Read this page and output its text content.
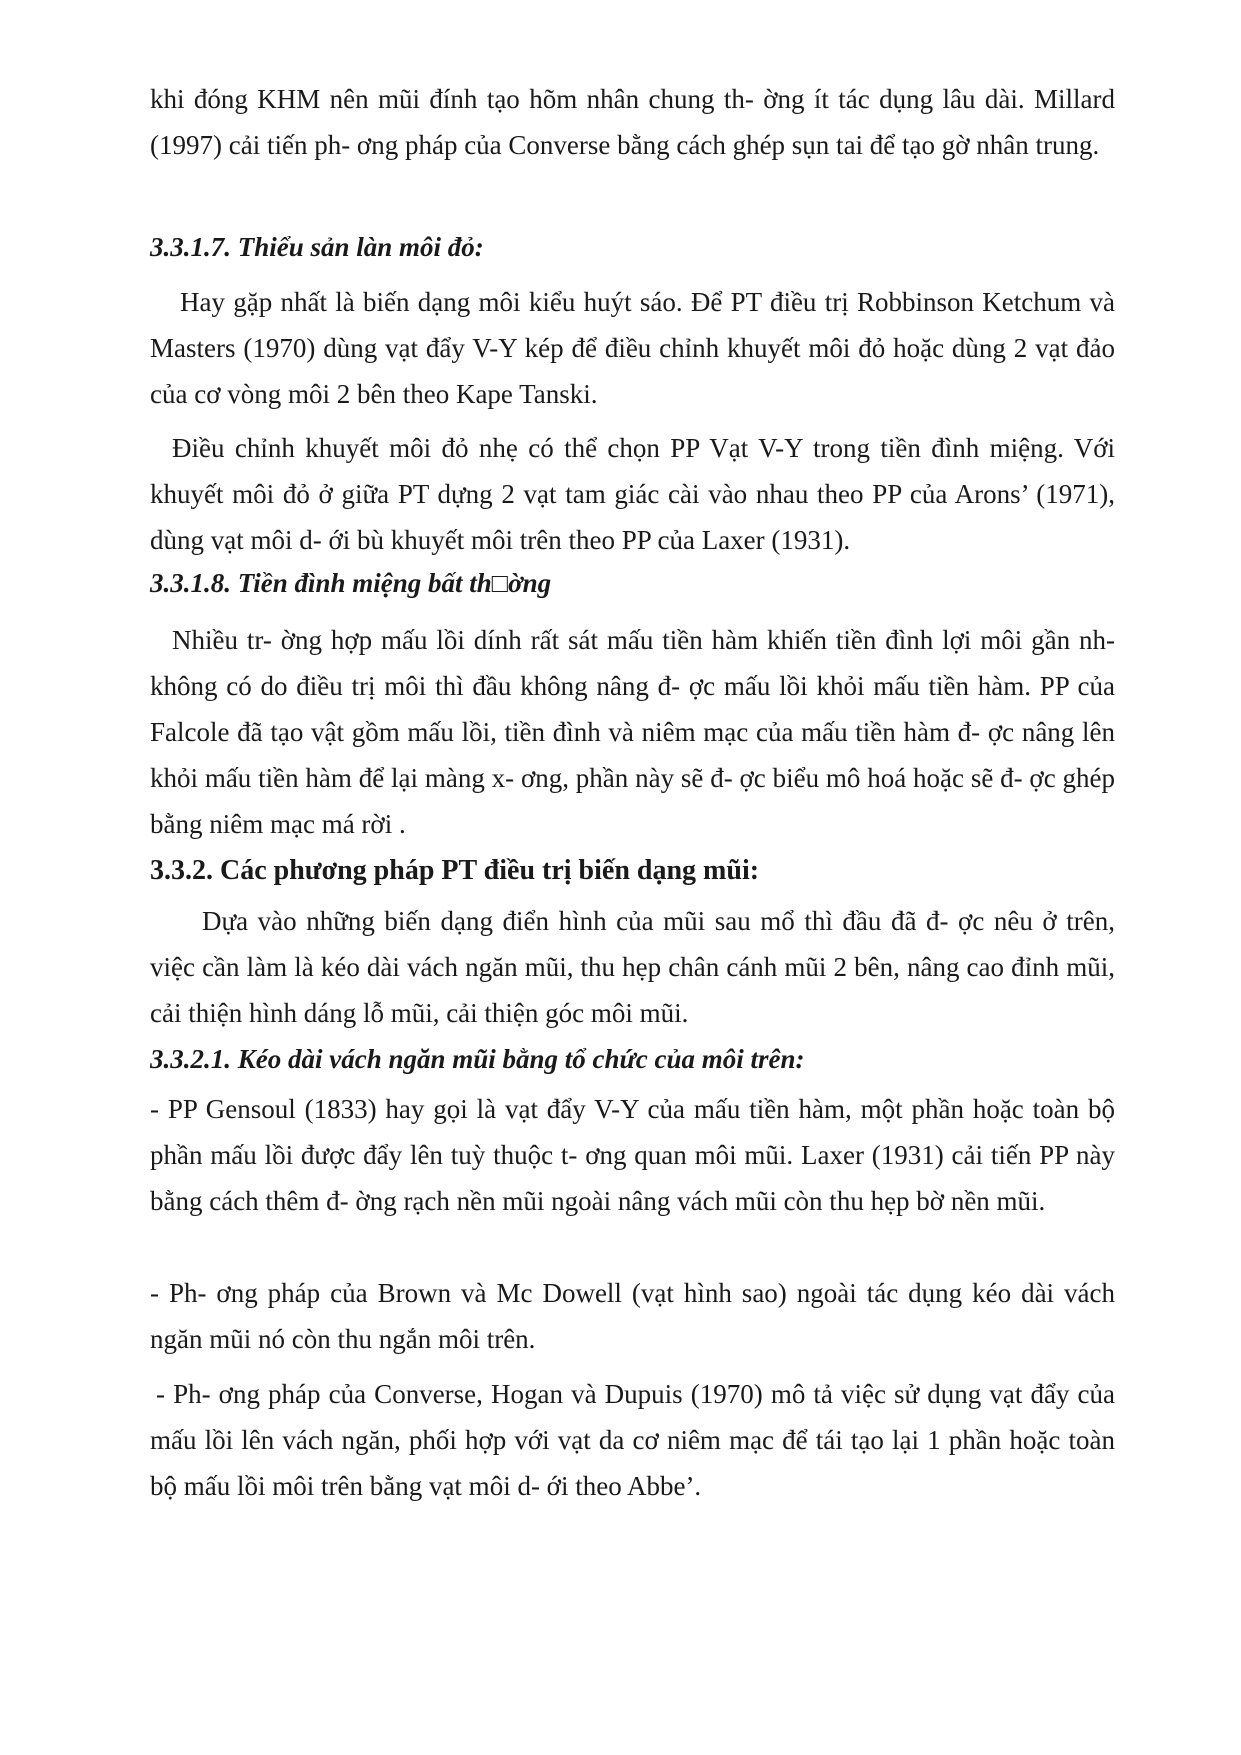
khi đóng KHM nên mũi đính tạo hõm nhân chung th- ờng ít tác dụng lâu dài. Millard (1997) cải tiến ph- ơng pháp của Converse bằng cách ghép sụn tai để tạo gờ nhân trung.

3.3.1.7. Thiểu sản làn môi đỏ:

Hay gặp nhất là biến dạng môi kiểu huýt sáo. Để PT điều trị Robbinson Ketchum và Masters (1970) dùng vạt đẩy V-Y kép để điều chỉnh khuyết môi đỏ hoặc dùng 2 vạt đảo của cơ vòng môi 2 bên theo Kape Tanski.

Điều chỉnh khuyết môi đỏ nhẹ có thể chọn PP Vạt V-Y trong tiền đình miệng. Với khuyết môi đỏ ở giữa PT dựng 2 vạt tam giác cài vào nhau theo PP của Arons’ (1971), dùng vạt môi d- ới bù khuyết môi trên theo PP của Laxer (1931).

3.3.1.8. Tiền đình miệng bất th□ờng

Nhiều tr- ờng hợp mấu lồi dính rất sát mấu tiền hàm khiến tiền đình lợi môi gần nh- không có do điều trị môi thì đầu không nâng đ- ợc mấu lồi khỏi mấu tiền hàm. PP của Falcole đã tạo vật gồm mấu lồi, tiền đình và niêm mạc của mấu tiền hàm đ- ợc nâng lên khỏi mấu tiền hàm để lại màng x- ơng, phần này sẽ đ- ợc biểu mô hoá hoặc sẽ đ- ợc ghép bằng niêm mạc má rời .

3.3.2. Các phương pháp PT điều trị biến dạng mũi:

Dựa vào những biến dạng điển hình của mũi sau mổ thì đầu đã đ- ợc nêu ở trên, việc cần làm là kéo dài vách ngăn mũi, thu hẹp chân cánh mũi 2 bên, nâng cao đỉnh mũi, cải thiện hình dáng lỗ mũi, cải thiện góc môi mũi.

3.3.2.1. Kéo dài vách ngăn mũi bằng tổ chức của môi trên:

- PP Gensoul (1833) hay gọi là vạt đẩy V-Y của mấu tiền hàm, một phần hoặc toàn bộ phần mấu lồi được đẩy lên tuỳ thuộc t- ơng quan môi mũi. Laxer (1931) cải tiến PP này bằng cách thêm đ- ờng rạch nền mũi ngoài nâng vách mũi còn thu hẹp bờ nền mũi.

- Ph- ơng pháp của Brown và Mc Dowell (vạt hình sao) ngoài tác dụng kéo dài vách ngăn mũi nó còn thu ngắn môi trên.

- Ph- ơng pháp của Converse, Hogan và Dupuis (1970) mô tả việc sử dụng vạt đẩy của mấu lồi lên vách ngăn, phối hợp với vạt da cơ niêm mạc để tái tạo lại 1 phần hoặc toàn bộ mấu lồi môi trên bằng vạt môi d- ới theo Abbe’.
